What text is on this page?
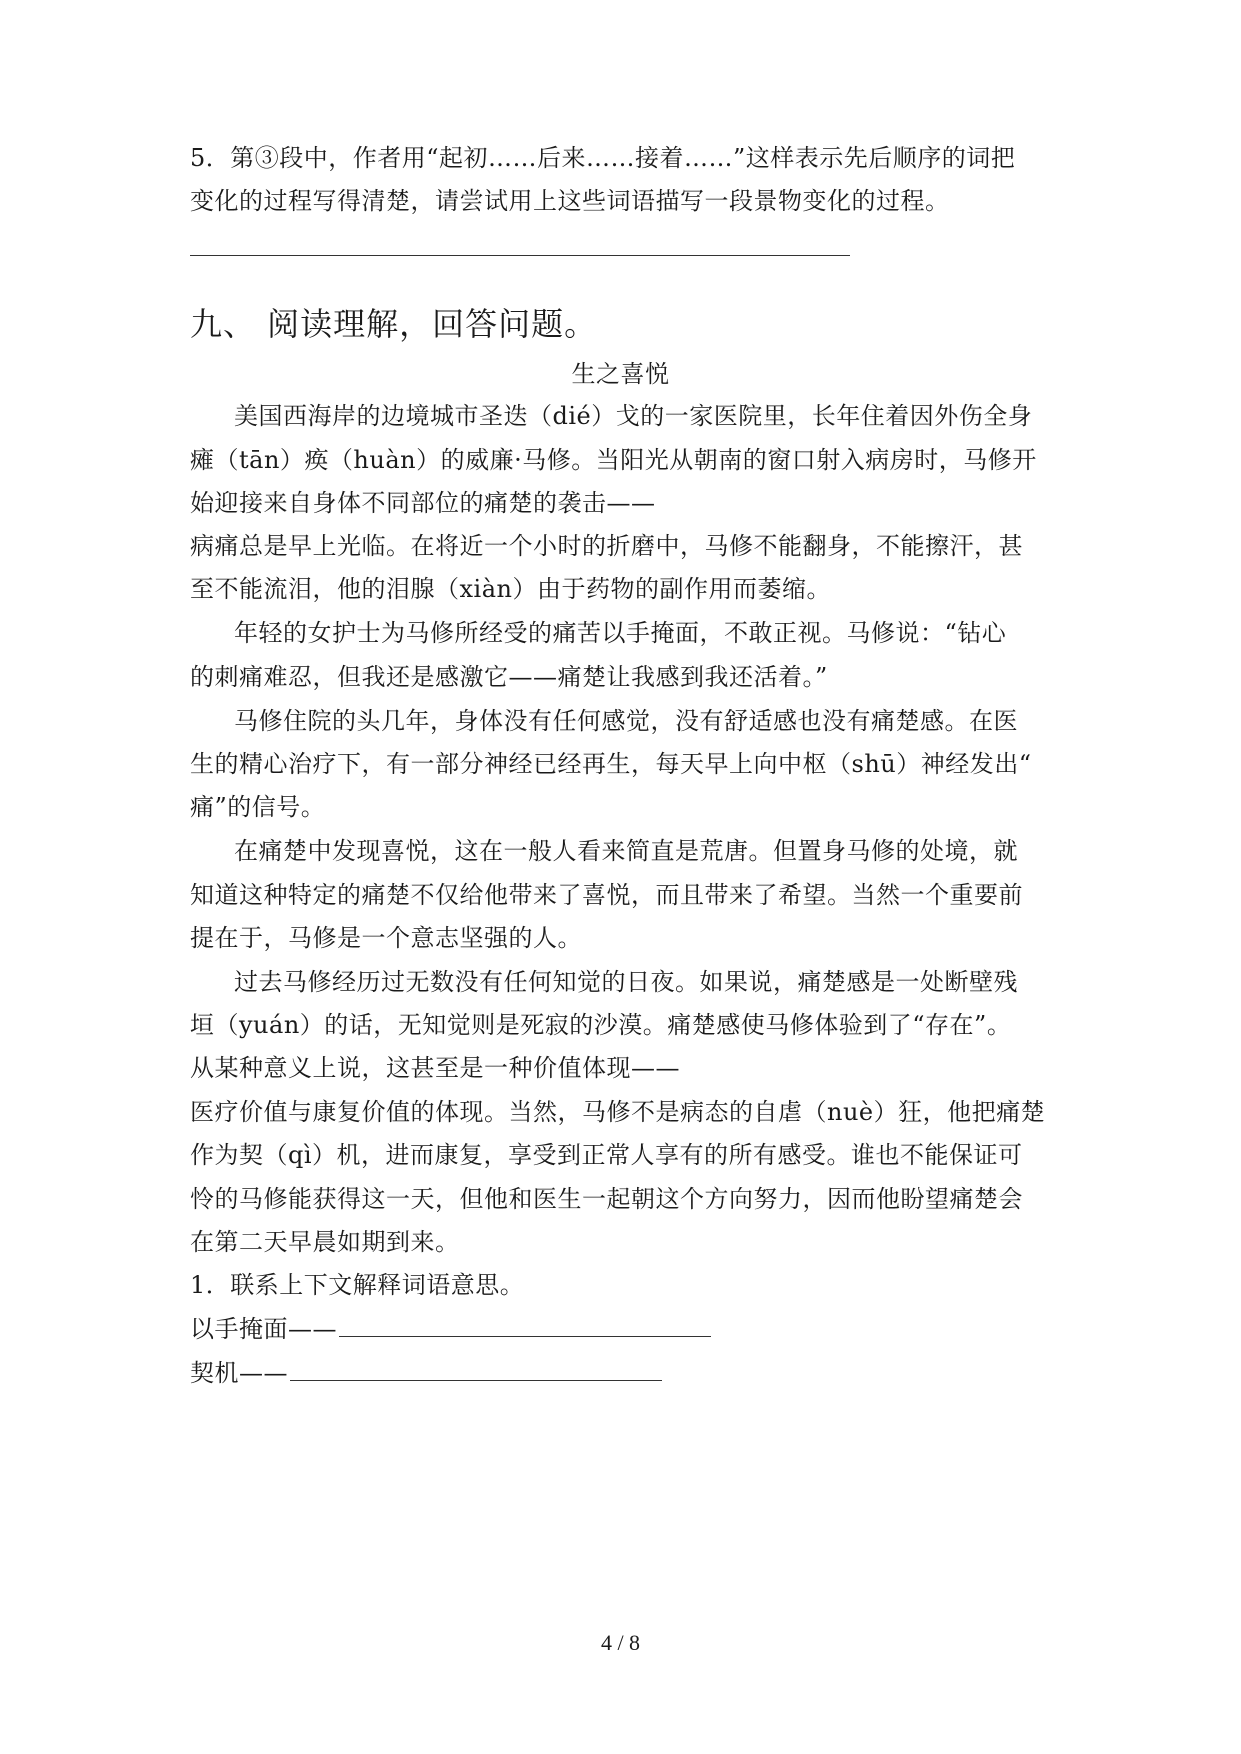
5．第③段中，作者用“起初……后来……接着……”这样表示先后顺序的词把
变化的过程写得清楚，请尝试用上这些词语描写一段景物变化的过程。
九、 阅读理解，回答问题。
生之喜悦
美国西海岸的边境城市圣迭（dié）戈的一家医院里，长年住着因外伤全身
瘫（tān）痪（huàn）的威廉·马修。当阳光从朝南的窗口射入病房时，马修开
始迎接来自身体不同部位的痛楚的袭击——
病痛总是早上光临。在将近一个小时的折磨中，马修不能翻身，不能擦汗，甚
至不能流泪，他的泪腺（xiàn）由于药物的副作用而萎缩。
年轻的女护士为马修所经受的痛苦以手掩面，不敢正视。马修说：“钻心
的刺痛难忍，但我还是感激它——痛楚让我感到我还活着。”
马修住院的头几年，身体没有任何感觉，没有舒适感也没有痛楚感。在医
生的精心治疗下，有一部分神经已经再生，每天早上向中枢（shū）神经发出“
痛”的信号。
在痛楚中发现喜悦，这在一般人看来简直是荒唐。但置身马修的处境，就
知道这种特定的痛楚不仅给他带来了喜悦，而且带来了希望。当然一个重要前
提在于，马修是一个意志坚强的人。
过去马修经历过无数没有任何知觉的日夜。如果说，痛楚感是一处断壁残
垣（yuán）的话，无知觉则是死寂的沙漠。痛楚感使马修体验到了“存在”。
从某种意义上说，这甚至是一种价值体现——
医疗价值与康复价值的体现。当然，马修不是病态的自虐（nuè）狂，他把痛楚
作为契（qì）机，进而康复，享受到正常人享有的所有感受。谁也不能保证可
怜的马修能获得这一天，但他和医生一起朝这个方向努力，因而他盼望痛楚会
在第二天早晨如期到来。
1．联系上下文解释词语意思。
以手掩面——
契机——
4 / 8
